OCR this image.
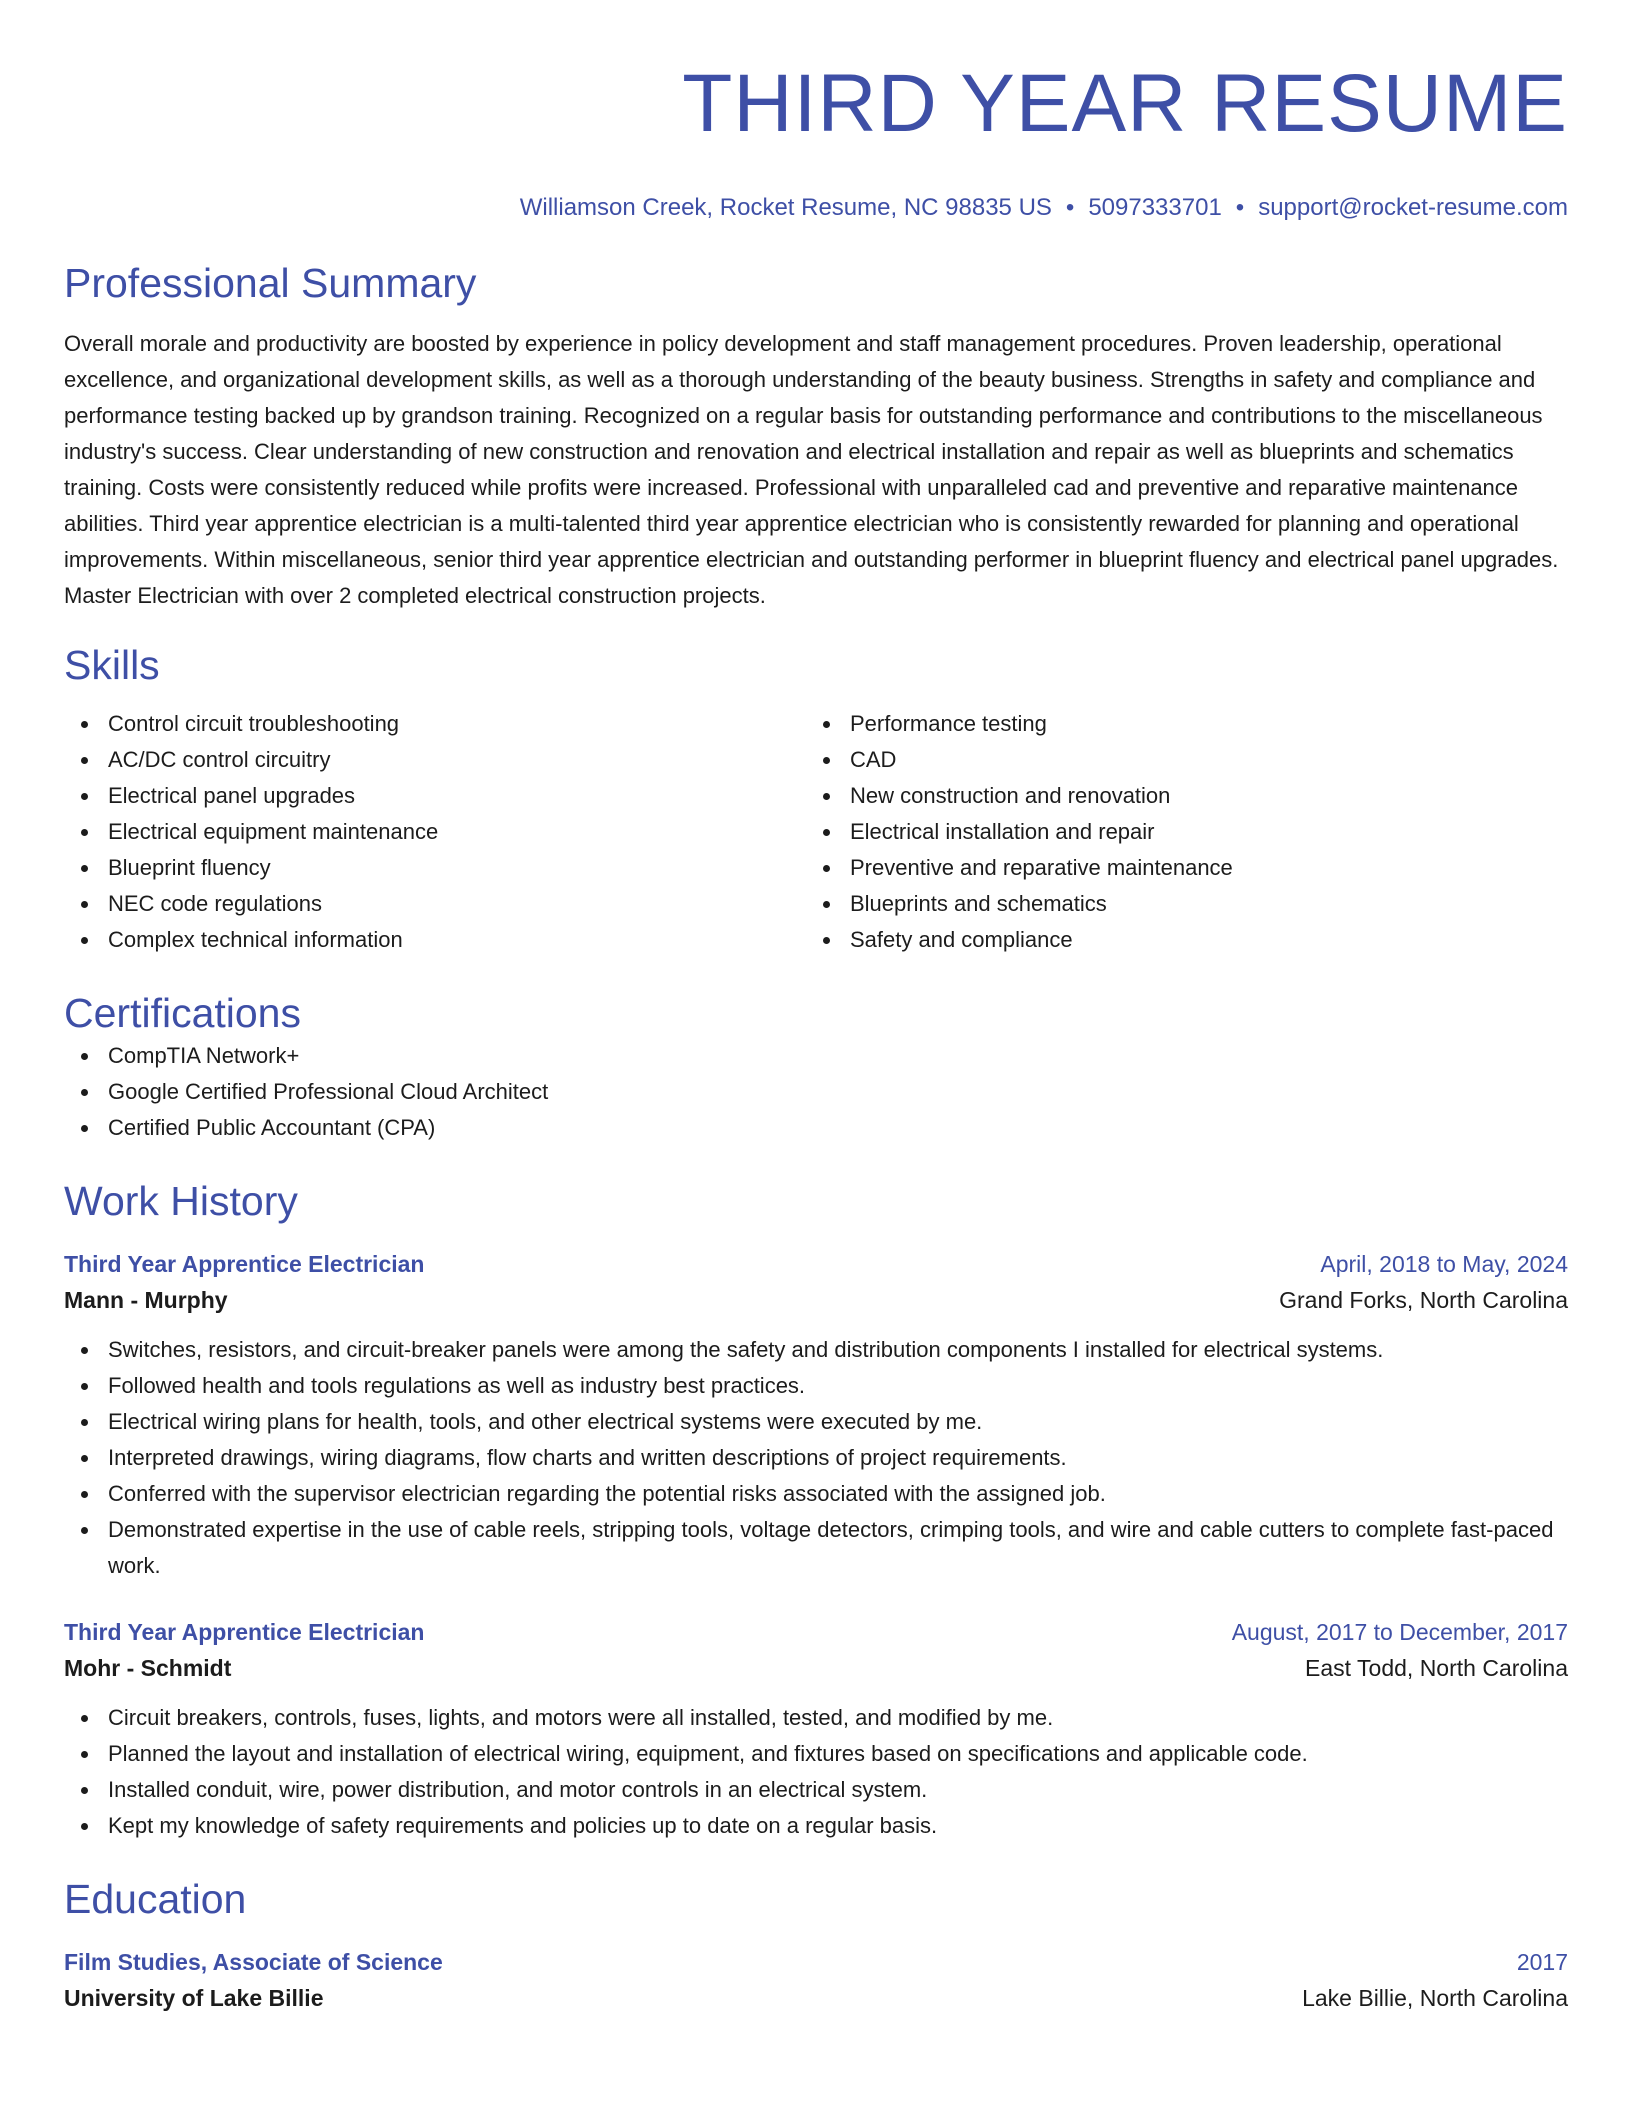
THIRD YEAR RESUME
Williamson Creek, Rocket Resume, NC 98835 US • 5097333701 • support@rocket-resume.com
Professional Summary
Overall morale and productivity are boosted by experience in policy development and staff management procedures. Proven leadership, operational excellence, and organizational development skills, as well as a thorough understanding of the beauty business. Strengths in safety and compliance and performance testing backed up by grandson training. Recognized on a regular basis for outstanding performance and contributions to the miscellaneous industry's success. Clear understanding of new construction and renovation and electrical installation and repair as well as blueprints and schematics training. Costs were consistently reduced while profits were increased. Professional with unparalleled cad and preventive and reparative maintenance abilities. Third year apprentice electrician is a multi-talented third year apprentice electrician who is consistently rewarded for planning and operational improvements. Within miscellaneous, senior third year apprentice electrician and outstanding performer in blueprint fluency and electrical panel upgrades. Master Electrician with over 2 completed electrical construction projects.
Skills
Control circuit troubleshooting
AC/DC control circuitry
Electrical panel upgrades
Electrical equipment maintenance
Blueprint fluency
NEC code regulations
Complex technical information
Performance testing
CAD
New construction and renovation
Electrical installation and repair
Preventive and reparative maintenance
Blueprints and schematics
Safety and compliance
Certifications
CompTIA Network+
Google Certified Professional Cloud Architect
Certified Public Accountant (CPA)
Work History
Third Year Apprentice Electrician	April, 2018 to May, 2024
Mann - Murphy	Grand Forks, North Carolina
Switches, resistors, and circuit-breaker panels were among the safety and distribution components I installed for electrical systems.
Followed health and tools regulations as well as industry best practices.
Electrical wiring plans for health, tools, and other electrical systems were executed by me.
Interpreted drawings, wiring diagrams, flow charts and written descriptions of project requirements.
Conferred with the supervisor electrician regarding the potential risks associated with the assigned job.
Demonstrated expertise in the use of cable reels, stripping tools, voltage detectors, crimping tools, and wire and cable cutters to complete fast-paced work.
Third Year Apprentice Electrician	August, 2017 to December, 2017
Mohr - Schmidt	East Todd, North Carolina
Circuit breakers, controls, fuses, lights, and motors were all installed, tested, and modified by me.
Planned the layout and installation of electrical wiring, equipment, and fixtures based on specifications and applicable code.
Installed conduit, wire, power distribution, and motor controls in an electrical system.
Kept my knowledge of safety requirements and policies up to date on a regular basis.
Education
Film Studies, Associate of Science	2017
University of Lake Billie	Lake Billie, North Carolina
